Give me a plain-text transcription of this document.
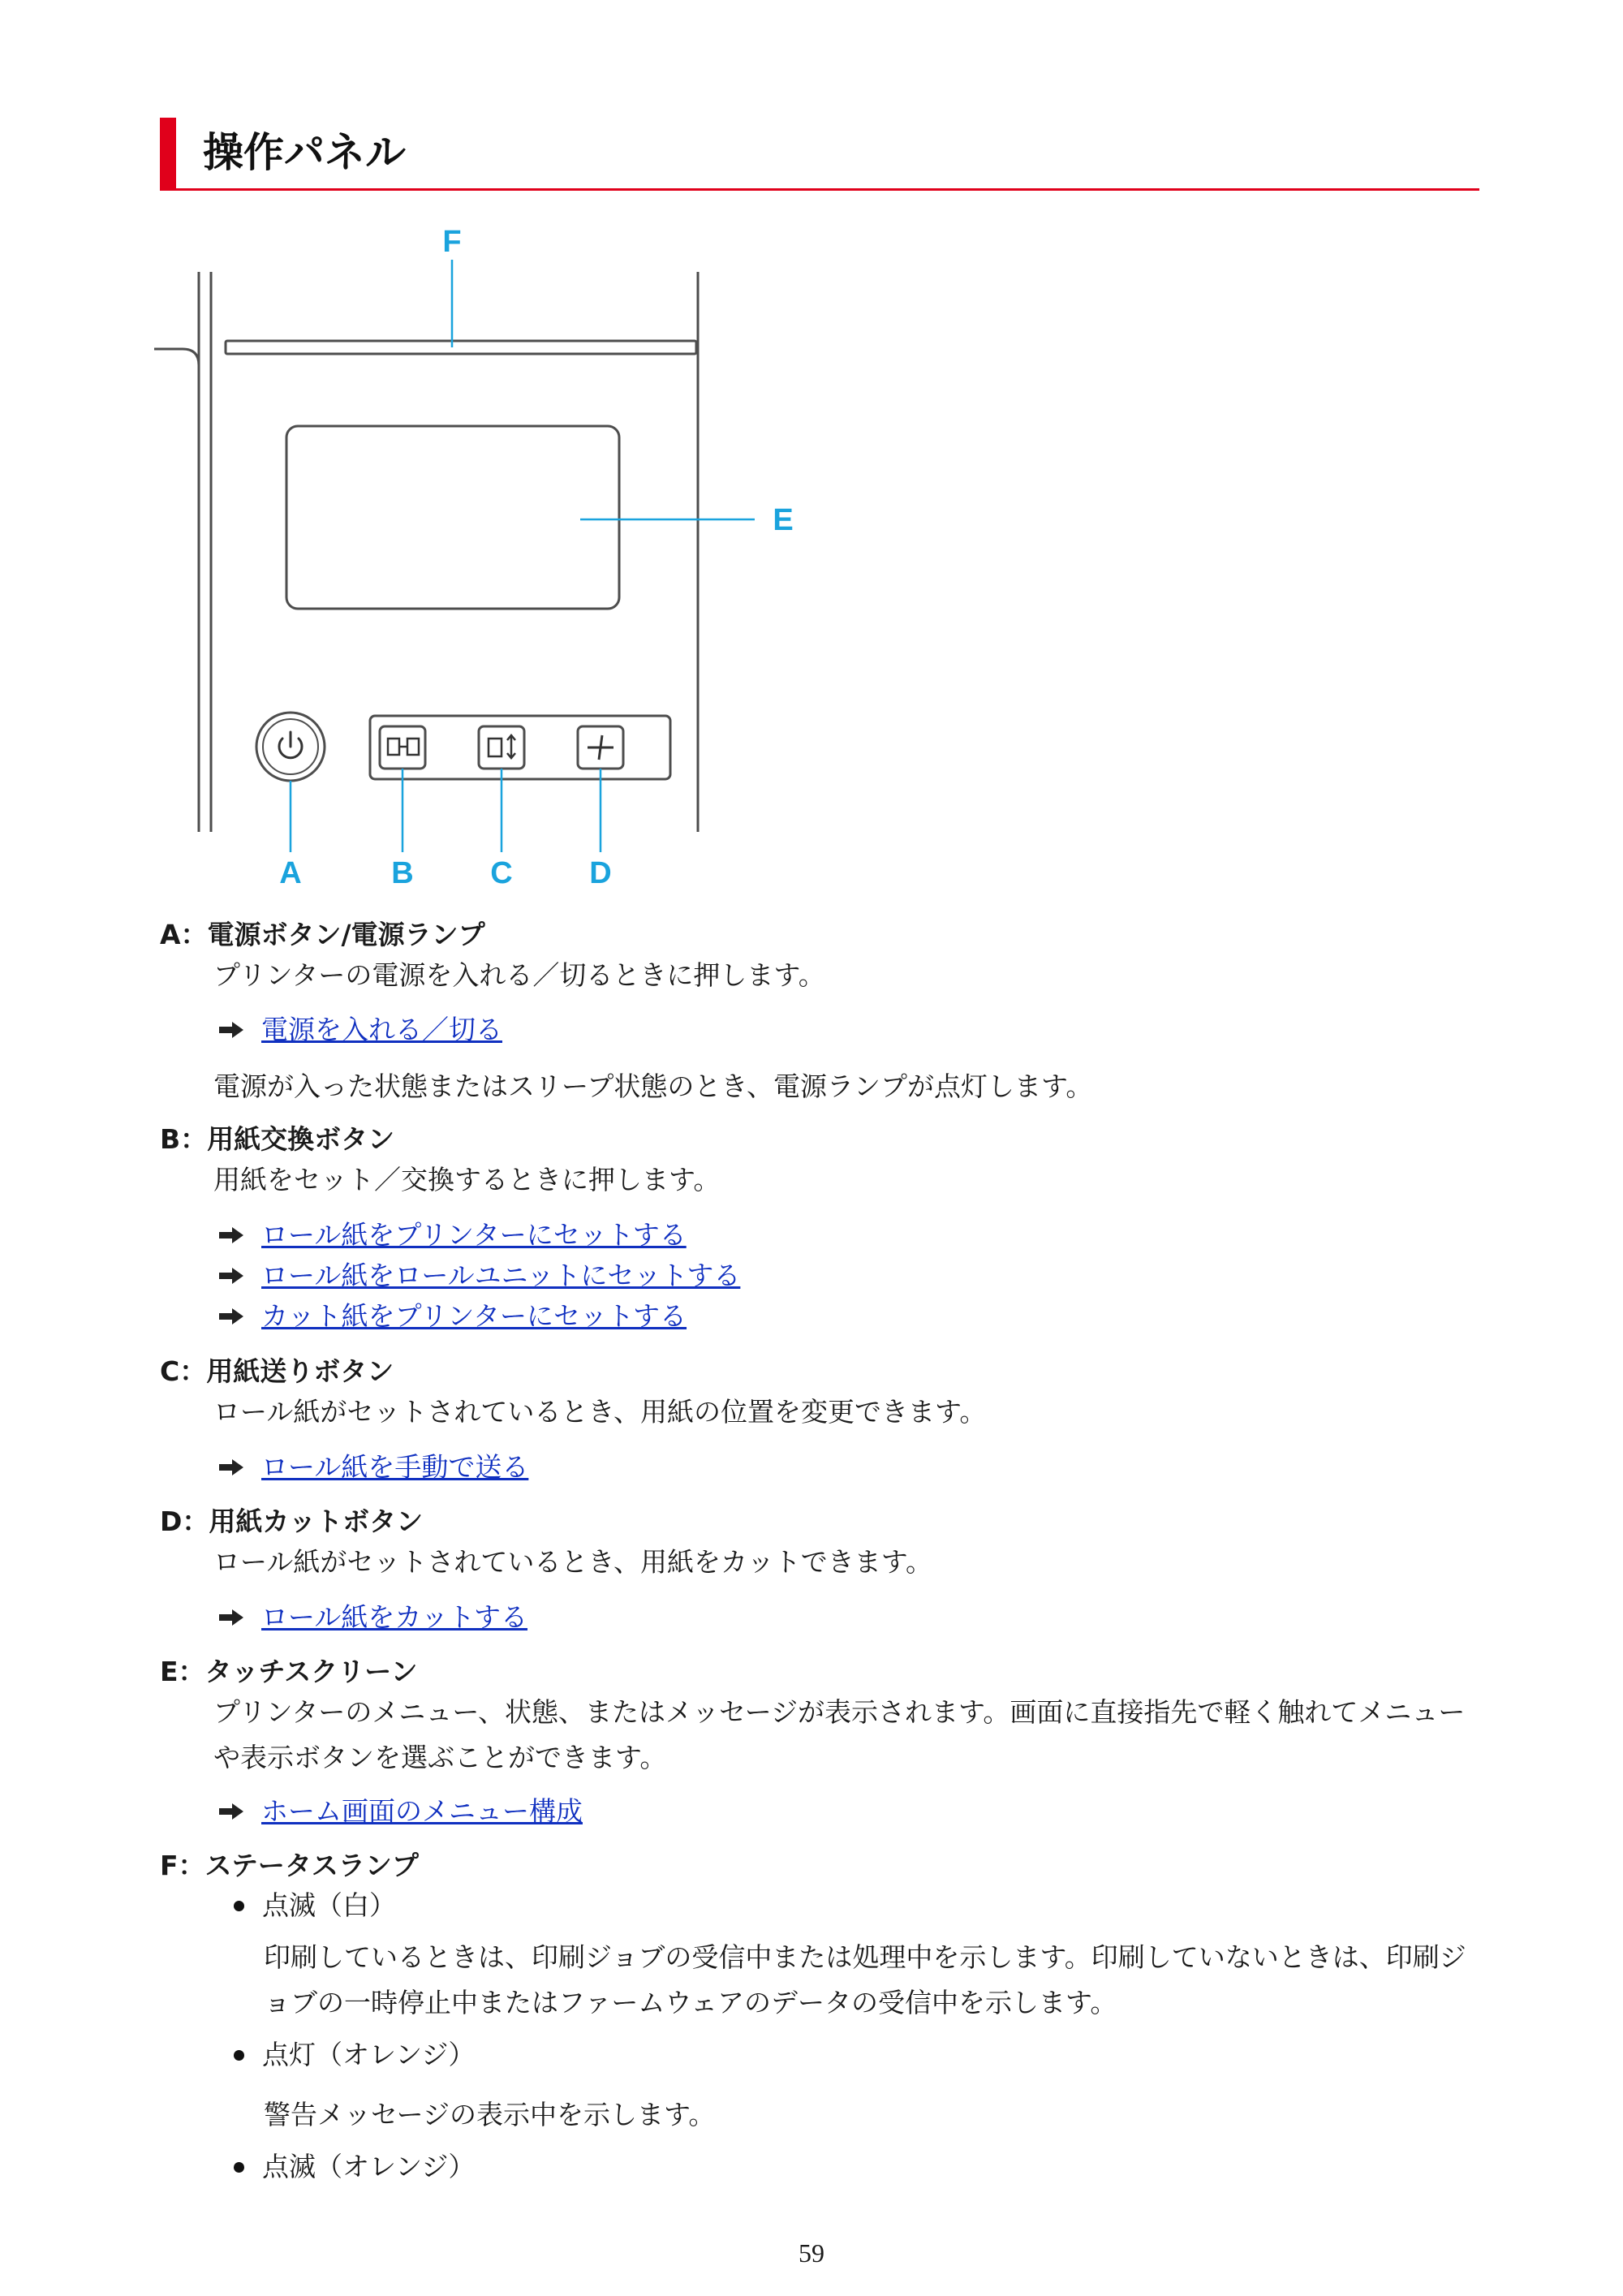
操作パネル
F
E
A	B C D
A：電源ボタン/電源ランプ
プリンターの電源を入れる／切るときに押します。
電源を入れる／切る
電源が入った状態またはスリープ状態のとき、電源ランプが点灯します。
B：用紙交換ボタン
用紙をセット／交換するときに押します。
ロール紙をプリンターにセットする
ロール紙をロールユニットにセットする
カット紙をプリンターにセットする
C：用紙送りボタン
ロール紙がセットされているとき、用紙の位置を変更できます。
ロール紙を手動で送る
D：用紙カットボタン
ロール紙がセットされているとき、用紙をカットできます。
ロール紙をカットする
E：タッチスクリーン
プリンターのメニュー、状態、またはメッセージが表示されます。画面に直接指先で軽く触れてメニューや表示ボタンを選ぶことができます。
ホーム画面のメニュー構成
F：ステータスランプ
点滅（白）
印刷しているときは、印刷ジョブの受信中または処理中を示します。印刷していないときは、印刷ジョブの一時停止中またはファームウェアのデータの受信中を示します。
点灯（オレンジ）
警告メッセージの表示中を示します。
点滅（オレンジ）
59
